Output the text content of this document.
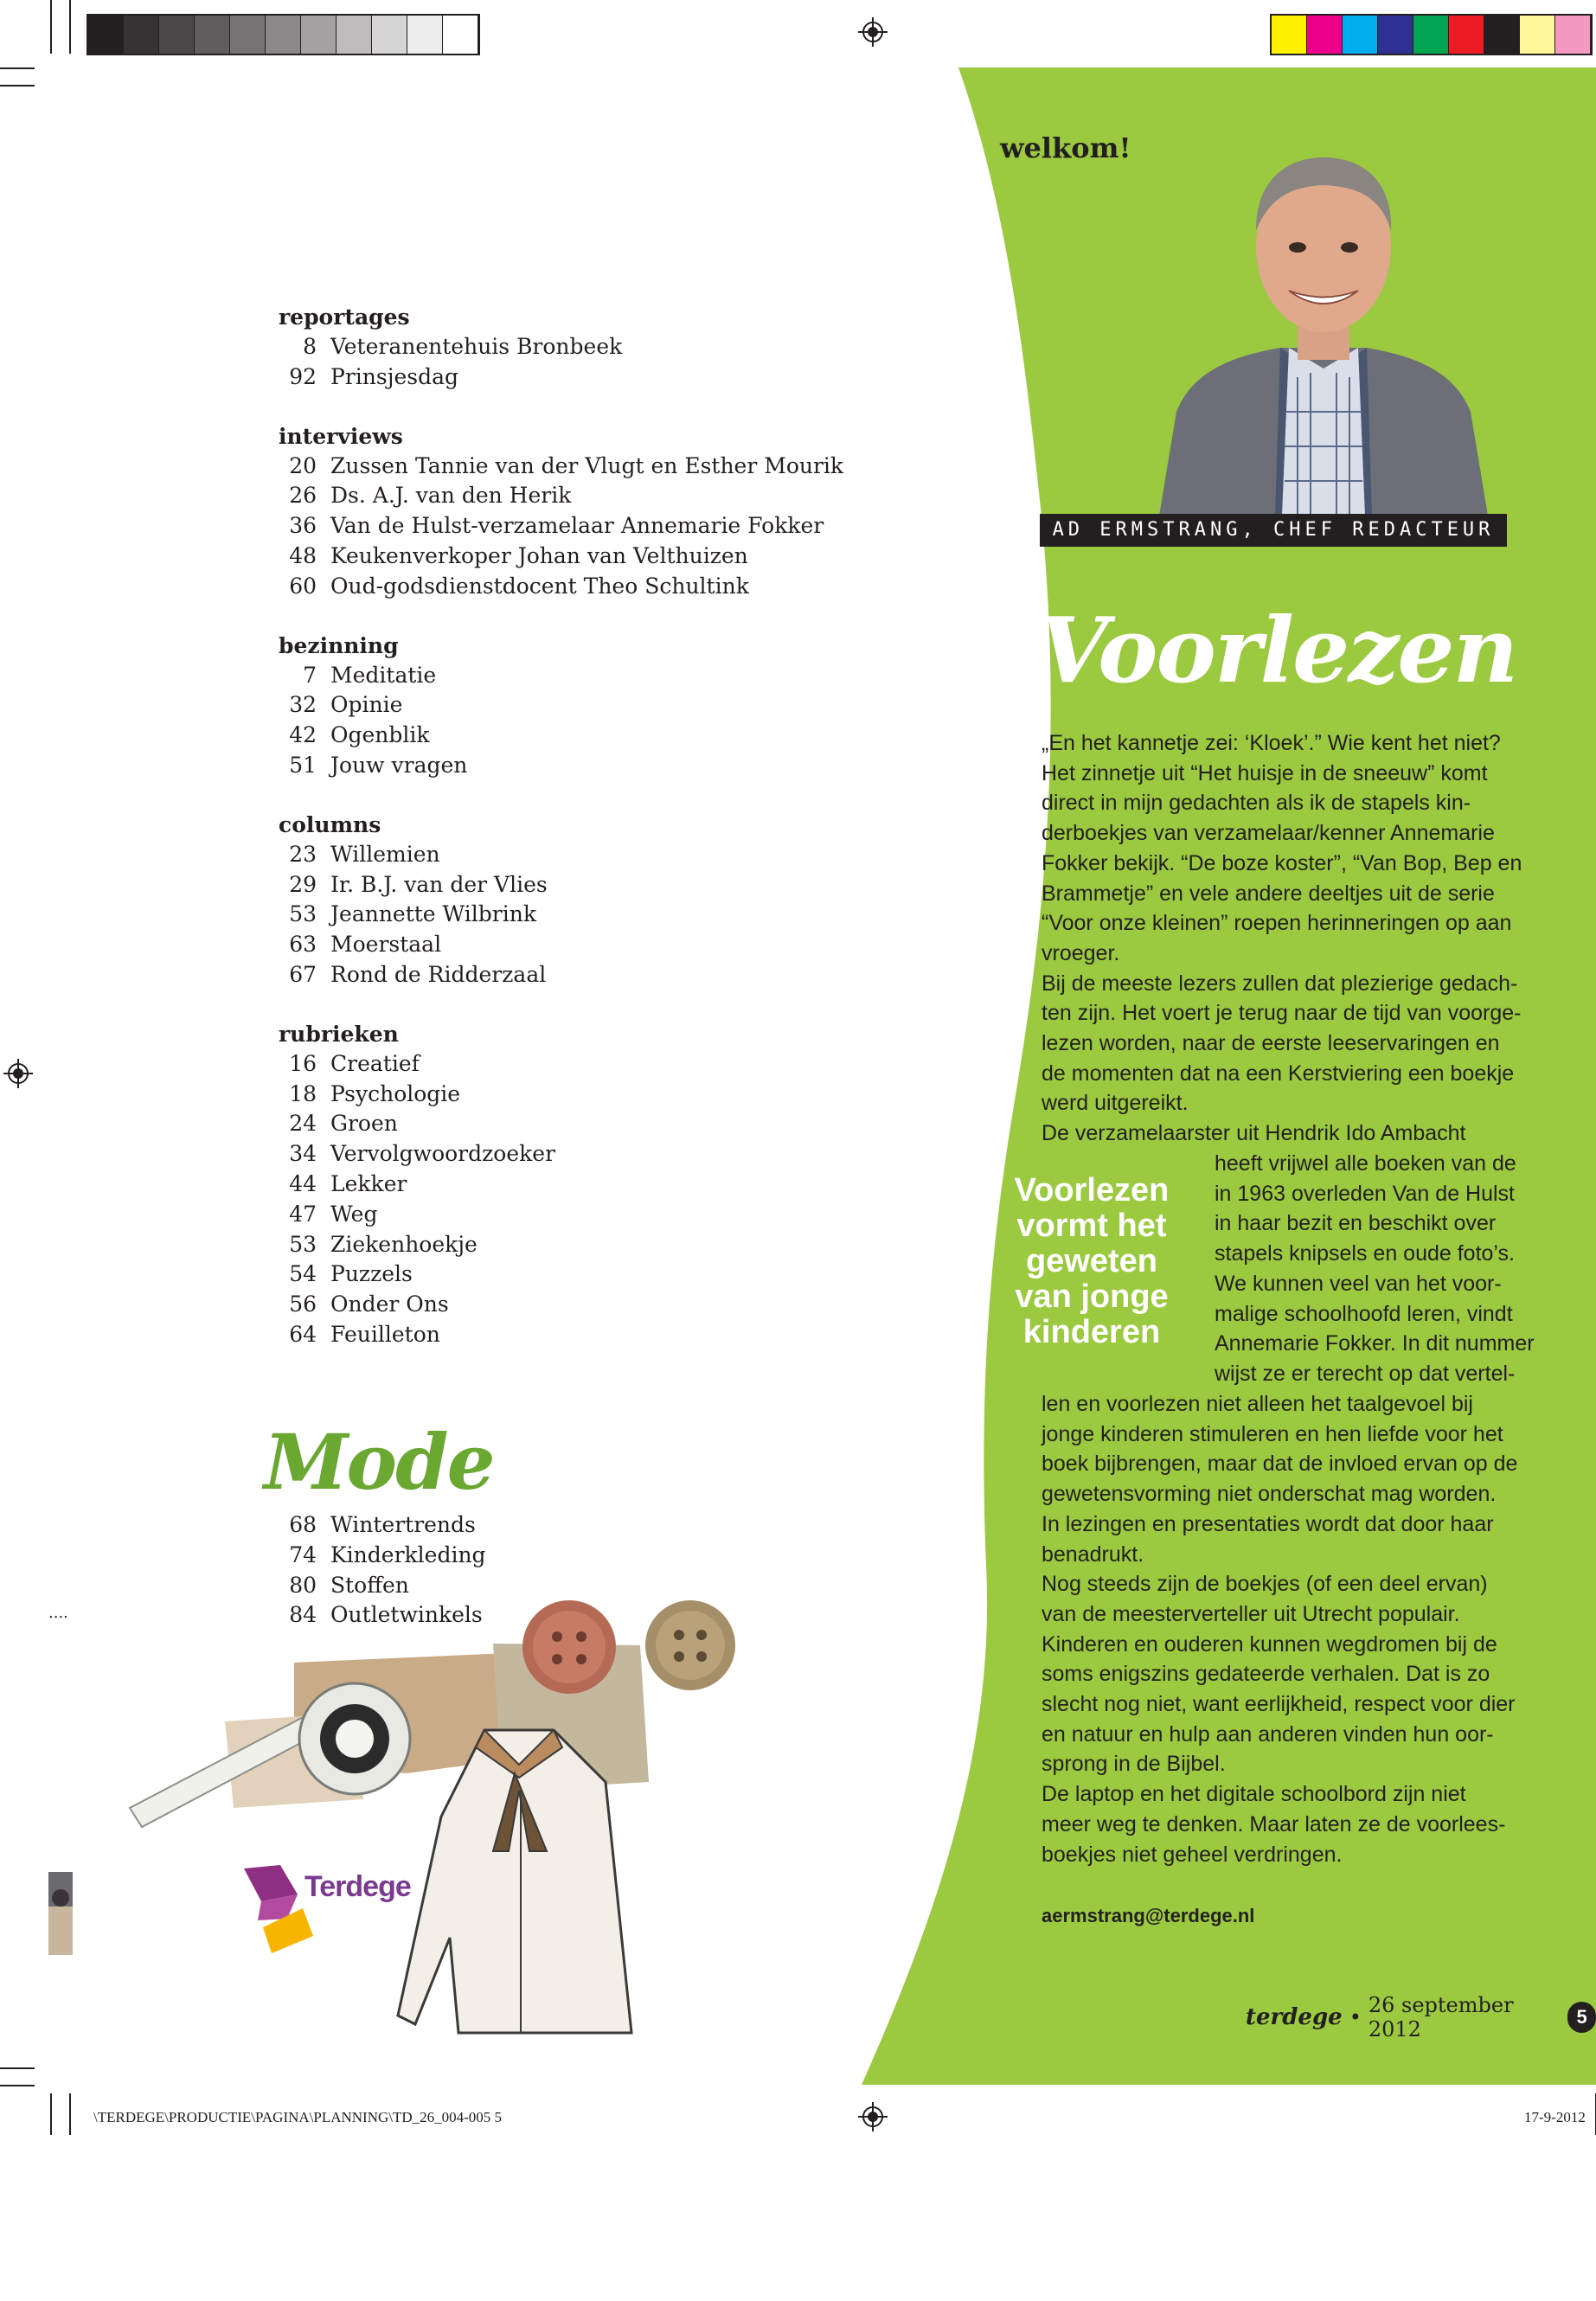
....
reportages
8 Veteranentehuis Bronbeek
92 Prinsjesdag
interviews
20 Zussen Tannie van der Vlugt en Esther Mourik
26 Ds. A.J. van den Herik
36 Van de Hulst-verzamelaar Annemarie Fokker
48 Keukenverkoper Johan van Velthuizen
60 Oud-godsdienstdocent Theo Schultink
bezinning
7 Meditatie
32 Opinie
42 Ogenblik
51 Jouw vragen
columns
23 Willemien
29 Ir. B.J. van der Vlies
53 Jeannette Wilbrink
63 Moerstaal
67 Rond de Ridderzaal
rubrieken
16 Creatief
18 Psychologie
24 Groen
34 Vervolgwoordzoeker
44 Lekker
47 Weg
53 Ziekenhoekje
54 Puzzels
56 Onder Ons
64 Feuilleton
Mode
68 Wintertrends
74 Kinderkleding
80 Stoffen
84 Outletwinkels
Terdege
welkom!
AD ERMSTRANG, CHEF REDACTEUR
Voorlezen
„En het kannetje zei: ‘Kloek’.” Wie kent het niet?
Het zinnetje uit “Het huisje in de sneeuw” komt
direct in mijn gedachten als ik de stapels kin-
derboekjes van verzamelaar/kenner Annemarie
Fokker bekijk. “De boze koster”, “Van Bop, Bep en
Brammetje” en vele andere deeltjes uit de serie
“Voor onze kleinen” roepen herinneringen op aan
vroeger.
Bij de meeste lezers zullen dat plezierige gedach-
ten zijn. Het voert je terug naar de tijd van voorge-
lezen worden, naar de eerste leeservaringen en
de momenten dat na een Kerstviering een boekje
werd uitgereikt.
De verzamelaarster uit Hendrik Ido Ambacht
heeft vrijwel alle boeken van de
in 1963 overleden Van de Hulst
in haar bezit en beschikt over
stapels knipsels en oude foto’s.
We kunnen veel van het voor-
malige schoolhoofd leren, vindt
Annemarie Fokker. In dit nummer
wijst ze er terecht op dat vertel-
len en voorlezen niet alleen het taalgevoel bij
jonge kinderen stimuleren en hen liefde voor het
boek bijbrengen, maar dat de invloed ervan op de
gewetensvorming niet onderschat mag worden.
In lezingen en presentaties wordt dat door haar
benadrukt.
Nog steeds zijn de boekjes (of een deel ervan)
van de meesterverteller uit Utrecht populair.
Kinderen en ouderen kunnen wegdromen bij de
soms enigszins gedateerde verhalen. Dat is zo
slecht nog niet, want eerlijkheid, respect voor dier
en natuur en hulp aan anderen vinden hun oor-
sprong in de Bijbel.
De laptop en het digitale schoolbord zijn niet
meer weg te denken. Maar laten ze de voorlees-
boekjes niet geheel verdringen.
Voorlezen
vormt het
geweten
van jonge
kinderen
aermstrang@terdege.nl
terdege • 26 september 2012
5
\TERDEGE\PRODUCTIE\PAGINA\PLANNING\TD_26_004-005 5	17-9-2012
